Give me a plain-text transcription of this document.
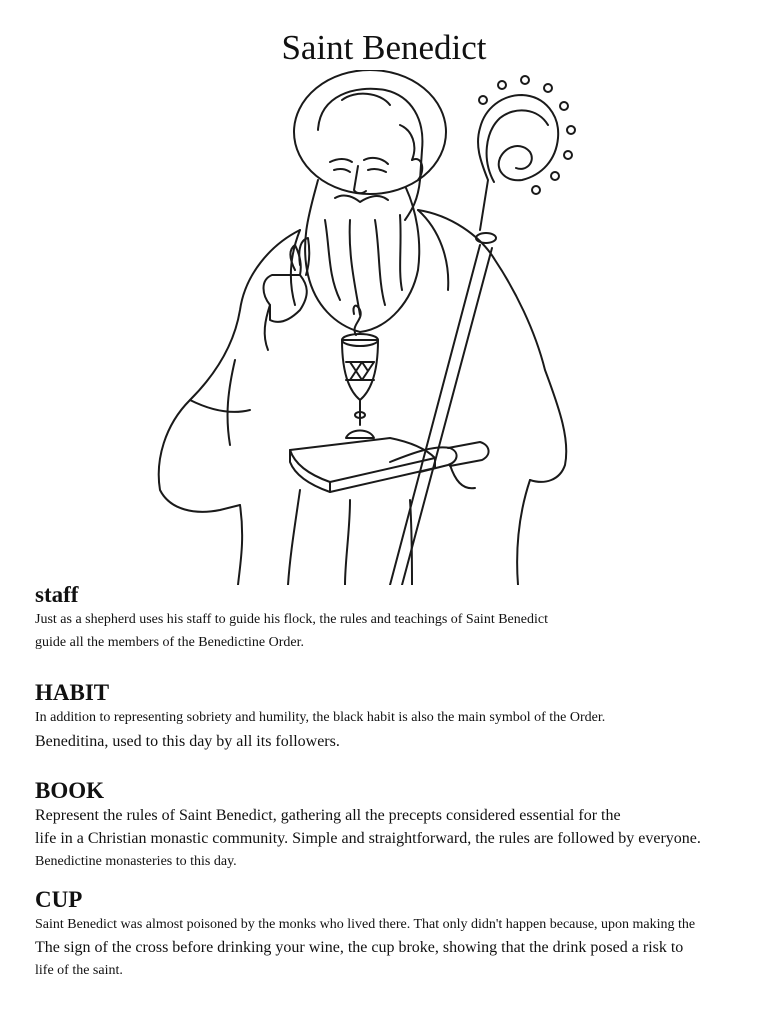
Saint Benedict
staff

Just as a shepherd uses his staff to guide his flock, the rules and teachings of Saint Benedict

guide all the members of the Benedictine Order.

HABIT

In addition to representing sobriety and humility, the black habit is also the main symbol of the Order.

Beneditina, used to this day by all its followers.

BOOK

Represent the rules of Saint Benedict, gathering all the precepts considered essential for the

life in a Christian monastic community. Simple and straightforward, the rules are followed by everyone.

Benedictine monasteries to this day.

CUP

Saint Benedict was almost poisoned by the monks who lived there. That only didn't happen because, upon making the

The sign of the cross before drinking your wine, the cup broke, showing that the drink posed a risk to

life of the saint.
